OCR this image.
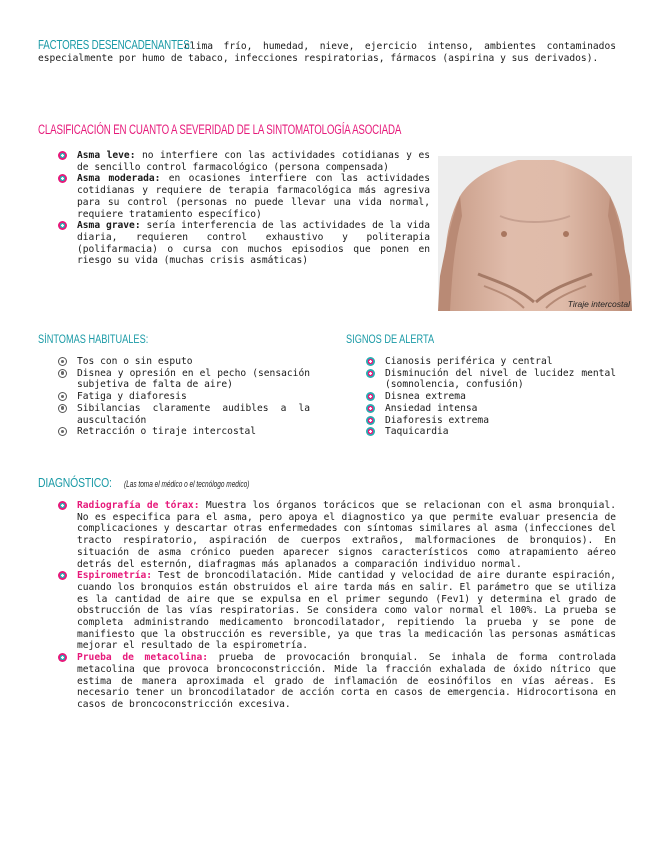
FACTORES DESENCADENANTES: clima frío, humedad, nieve, ejercicio intenso, ambientes contaminados especialmente por humo de tabaco, infecciones respiratorias, fármacos (aspirina y sus derivados).
CLASIFICACIÓN EN CUANTO A SEVERIDAD DE LA SINTOMATOLOGÍA ASOCIADA
Asma leve: no interfiere con las actividades cotidianas y es de sencillo control farmacológico (persona compensada)
Asma moderada: en ocasiones interfiere con las actividades cotidianas y requiere de terapia farmacológica más agresiva para su control (personas no puede llevar una vida normal, requiere tratamiento específico)
Asma grave: sería interferencia de las actividades de la vida diaria, requieren control exhaustivo y politerapia (polifarmacia) o cursa con muchos episodios que ponen en riesgo su vida (muchas crisis asmáticas)
Tiraje intercostal
SÍNTOMAS HABITUALES:
Tos con o sin esputo
Disnea y opresión en el pecho (sensación subjetiva de falta de aire)
Fatiga y diaforesis
Sibilancias claramente audibles a la auscultación
Retracción o tiraje intercostal
SIGNOS DE ALERTA
Cianosis periférica y central
Disminución del nivel de lucidez mental (somnolencia, confusión)
Disnea extrema
Ansiedad intensa
Diaforesis extrema
Taquicardia
DIAGNÓSTICO: (Las toma el médico o el tecnólogo medico)
Radiografía de tórax: Muestra los órganos torácicos que se relacionan con el asma bronquial. No es especifica para el asma, pero apoya el diagnostico ya que permite evaluar presencia de complicaciones y descartar otras enfermedades con síntomas similares al asma (infecciones del tracto respiratorio, aspiración de cuerpos extraños, malformaciones de bronquios). En situación de asma crónico pueden aparecer signos característicos como atrapamiento aéreo detrás del esternón, diafragmas más aplanados a comparación individuo normal.
Espirometría: Test de broncodilatación. Mide cantidad y velocidad de aire durante espiración, cuando los bronquios están obstruidos el aire tarda más en salir. El parámetro que se utiliza es la cantidad de aire que se expulsa en el primer segundo (Fev1) y determina el grado de obstrucción de las vías respiratorias. Se considera como valor normal el 100%. La prueba se completa administrando medicamento broncodilatador, repitiendo la prueba y se pone de manifiesto que la obstrucción es reversible, ya que tras la medicación las personas asmáticas mejorar el resultado de la espirometría.
Prueba de metacolina: prueba de provocación bronquial. Se inhala de forma controlada metacolina que provoca broncoconstricción. Mide la fracción exhalada de óxido nítrico que estima de manera aproximada el grado de inflamación de eosinófilos en vías aéreas. Es necesario tener un broncodilatador de acción corta en casos de emergencia. Hidrocortisona en casos de broncoconstricción excesiva.
